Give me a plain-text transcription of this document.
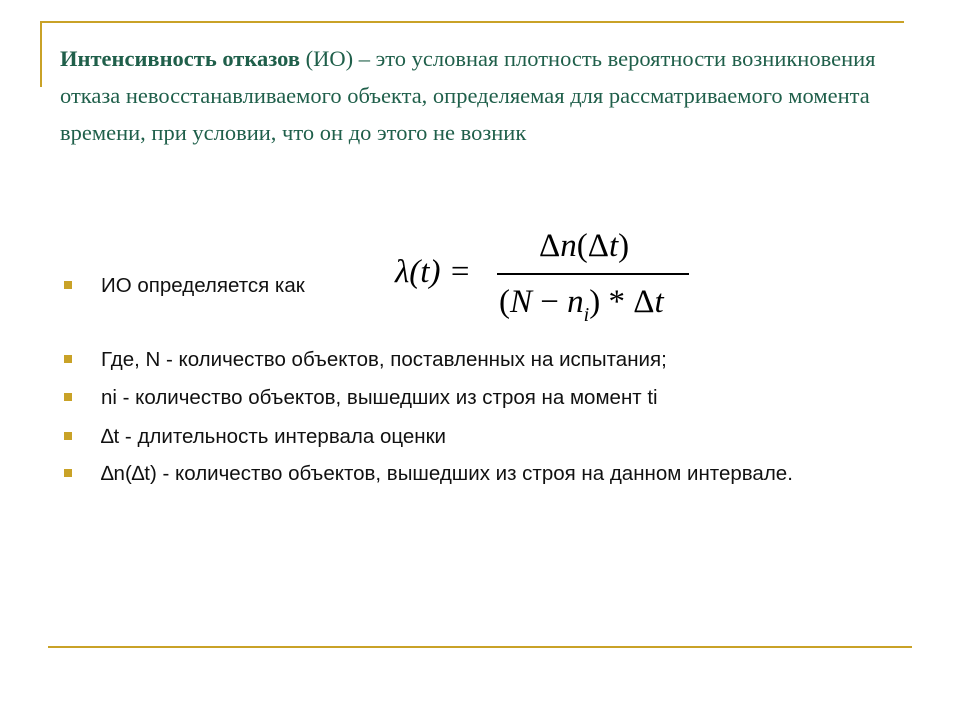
Интенсивность отказов (ИО) – это условная плотность вероятности возникновения отказа невосстанавливаемого объекта, определяемая для рассматриваемого момента времени, при условии, что он до этого не возник

ИО определяется как
Где, N - количество объектов, поставленных на испытания;
ni - количество объектов, вышедших из строя на момент ti
∆t - длительность интервала оценки
∆n(∆t) - количество объектов, вышедших из строя на данном интервале.
λ(t) =
Δn(Δt)
$(N - n_i) * \Delta t$
